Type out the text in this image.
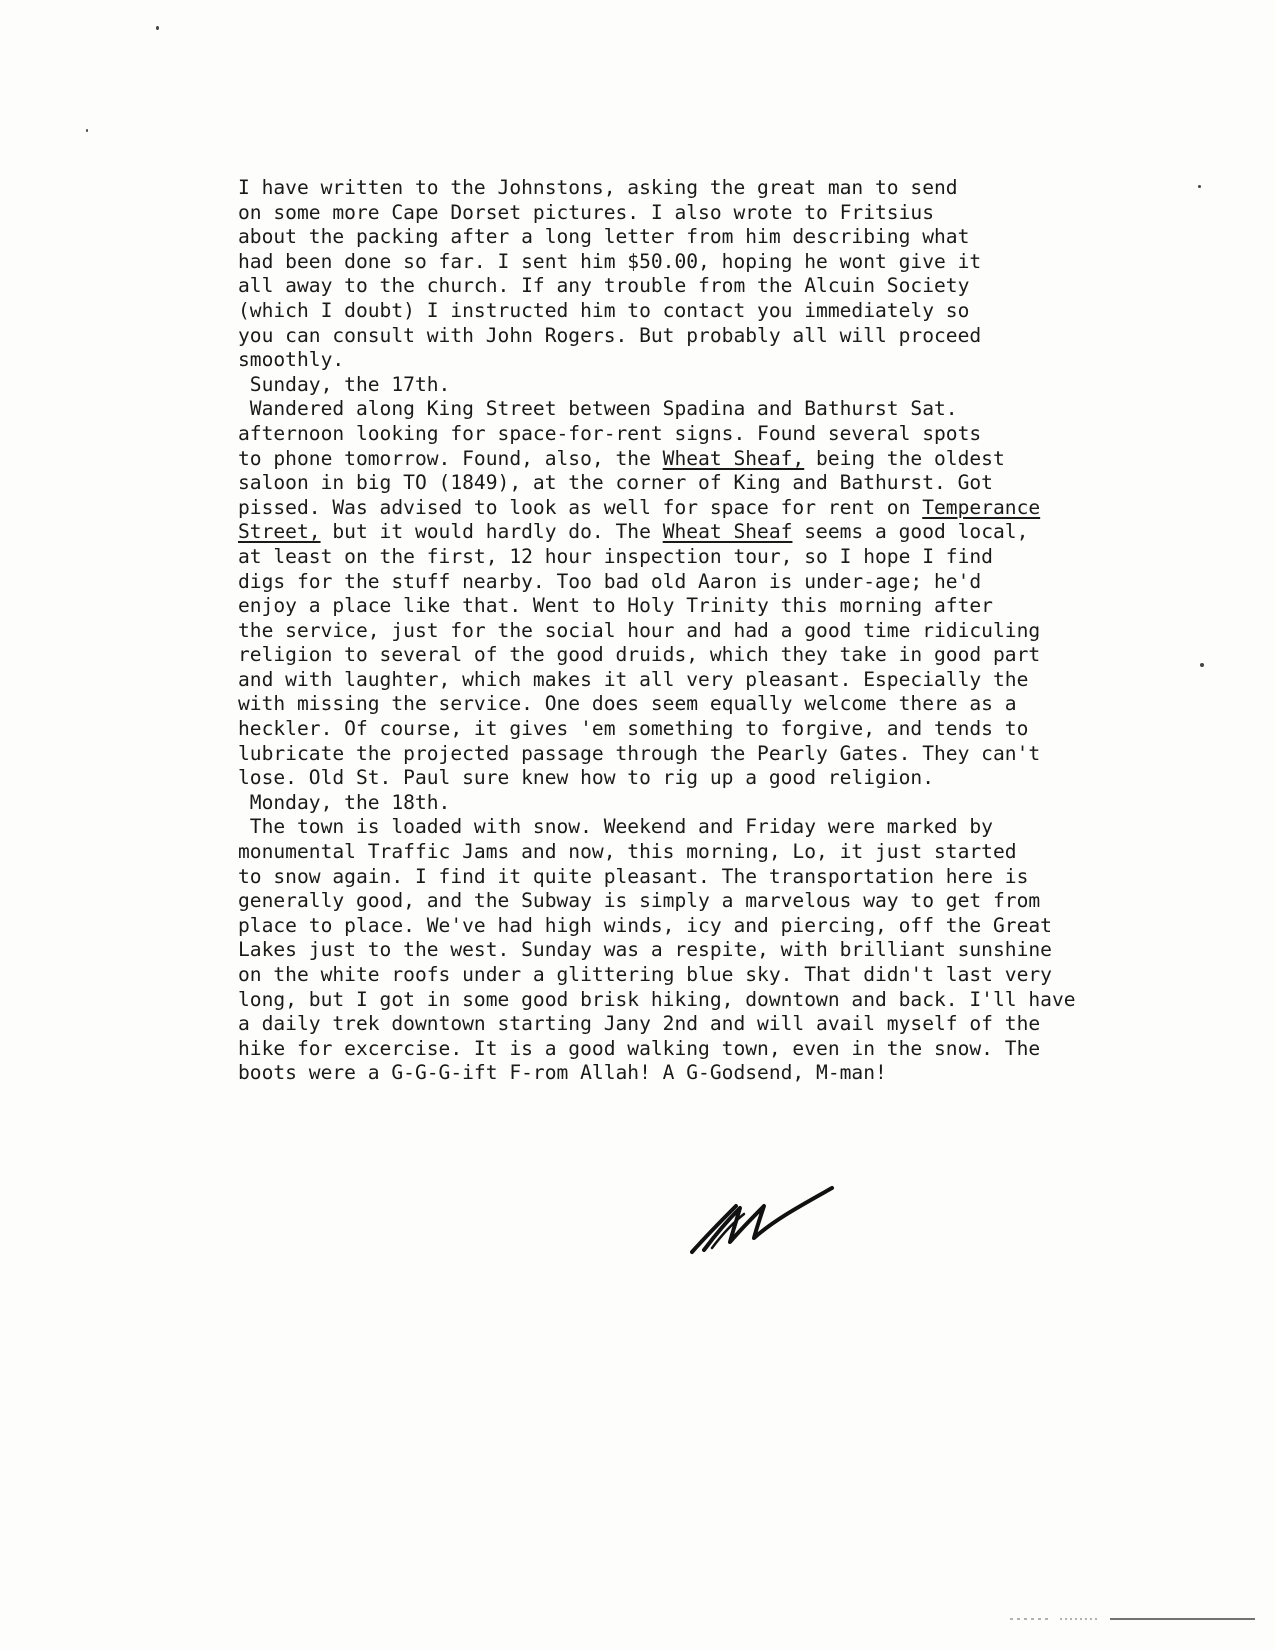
I have written to the Johnstons, asking the great man to send
on some more Cape Dorset pictures. I also wrote to Fritsius
about the packing after a long letter from him describing what
had been done so far. I sent him $50.00, hoping he wont give it
all away to the church. If any trouble from the Alcuin Society
(which I doubt) I instructed him to contact you immediately so
you can consult with John Rogers. But probably all will proceed
smoothly.
Sunday, the 17th.
Wandered along King Street between Spadina and Bathurst Sat.
afternoon looking for space-for-rent signs. Found several spots
to phone tomorrow. Found, also, the Wheat Sheaf, being the oldest
saloon in big TO (1849), at the corner of King and Bathurst. Got
pissed. Was advised to look as well for space for rent on Temperance
Street, but it would hardly do. The Wheat Sheaf seems a good local,
at least on the first, 12 hour inspection tour, so I hope I find
digs for the stuff nearby. Too bad old Aaron is under-age; he'd
enjoy a place like that. Went to Holy Trinity this morning after
the service, just for the social hour and had a good time ridiculing
religion to several of the good druids, which they take in good part
and with laughter, which makes it all very pleasant. Especially the
with missing the service. One does seem equally welcome there as a
heckler. Of course, it gives 'em something to forgive, and tends to
lubricate the projected passage through the Pearly Gates. They can't
lose. Old St. Paul sure knew how to rig up a good religion.
Monday, the 18th.
The town is loaded with snow. Weekend and Friday were marked by
monumental Traffic Jams and now, this morning, Lo, it just started
to snow again. I find it quite pleasant. The transportation here is
generally good, and the Subway is simply a marvelous way to get from
place to place. We've had high winds, icy and piercing, off the Great
Lakes just to the west. Sunday was a respite, with brilliant sunshine
on the white roofs under a glittering blue sky. That didn't last very
long, but I got in some good brisk hiking, downtown and back. I'll have
a daily trek downtown starting Jany 2nd and will avail myself of the
hike for excercise. It is a good walking town, even in the snow. The
boots were a G-G-G-ift F-rom Allah! A G-Godsend, M-man!
